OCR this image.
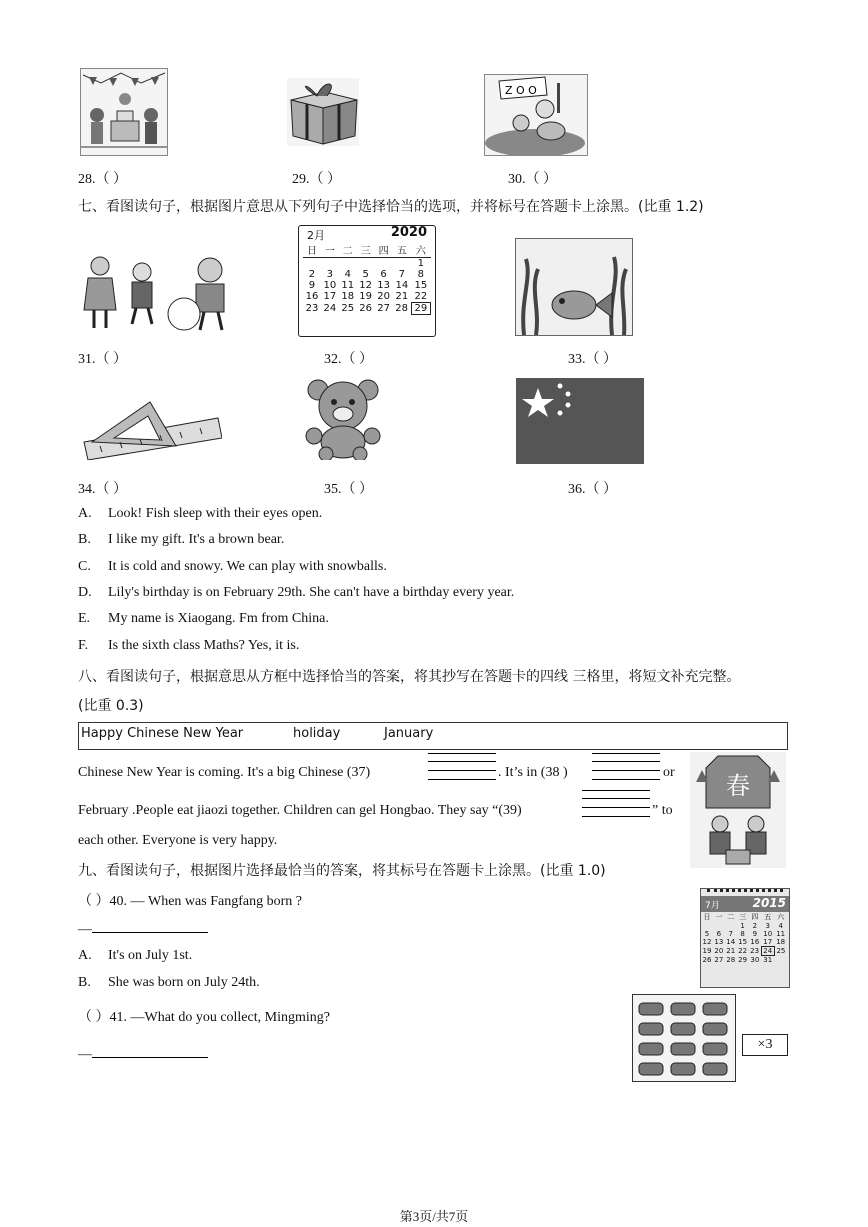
Z O O
28.（ ）	29.（ ）	30.（ ）
七、看图读句子，根据图片意思从下列句子中选择恰当的选项，并将标号在答题卡上涂黑。(比重 1.2)
2月	2020
日	一	二	三	四	五	六
						1
2	3	4	5	6	7	8
9	10	11	12	13	14	15
16	17	18	19	20	21	22
23	24	25	26	27	28	29
31.（ ）	32.（ ）	33.（ ）
34.（ ）	35.（ ）	36.（ ）
A. Look! Fish sleep with their eyes open.
B. I like my gift. It's a brown bear.
C. It is cold and snowy. We can play with snowballs.
D. Lily's birthday is on February 29th. She can't have a birthday every year.
E. My name is Xiaogang. Fm from China.
F. Is the sixth class Maths? Yes, it is.
八、看图读句子，根据意思从方框中选择恰当的答案，将其抄写在答题卡的四线 三格里，将短文补充完整。
(比重 0.3)
Happy Chinese New Year	holiday	January
Chinese New Year is coming. It's a big Chinese (37)	. It’s in (38 )	or
February .People eat jiaozi together. Children can gel Hongbao. They say “(39)	” to
each other. Everyone is very happy.
春
九、看图读句子，根据图片选择最恰当的答案，将其标号在答题卡上涂黑。(比重 1.0)
（ ）40. — When was Fangfang born ?
—
A. It's on July 1st.
B. She was born on July 24th.
7月	2015
日	一	二	三	四	五	六
			1	2	3	4
5	6	7	8	9	10	11
12	13	14	15	16	17	18
19	20	21	22	23	24	25
26	27	28	29	30	31	
（ ）41. —What do you collect, Mingming?
—
×3
第3页/共7页
